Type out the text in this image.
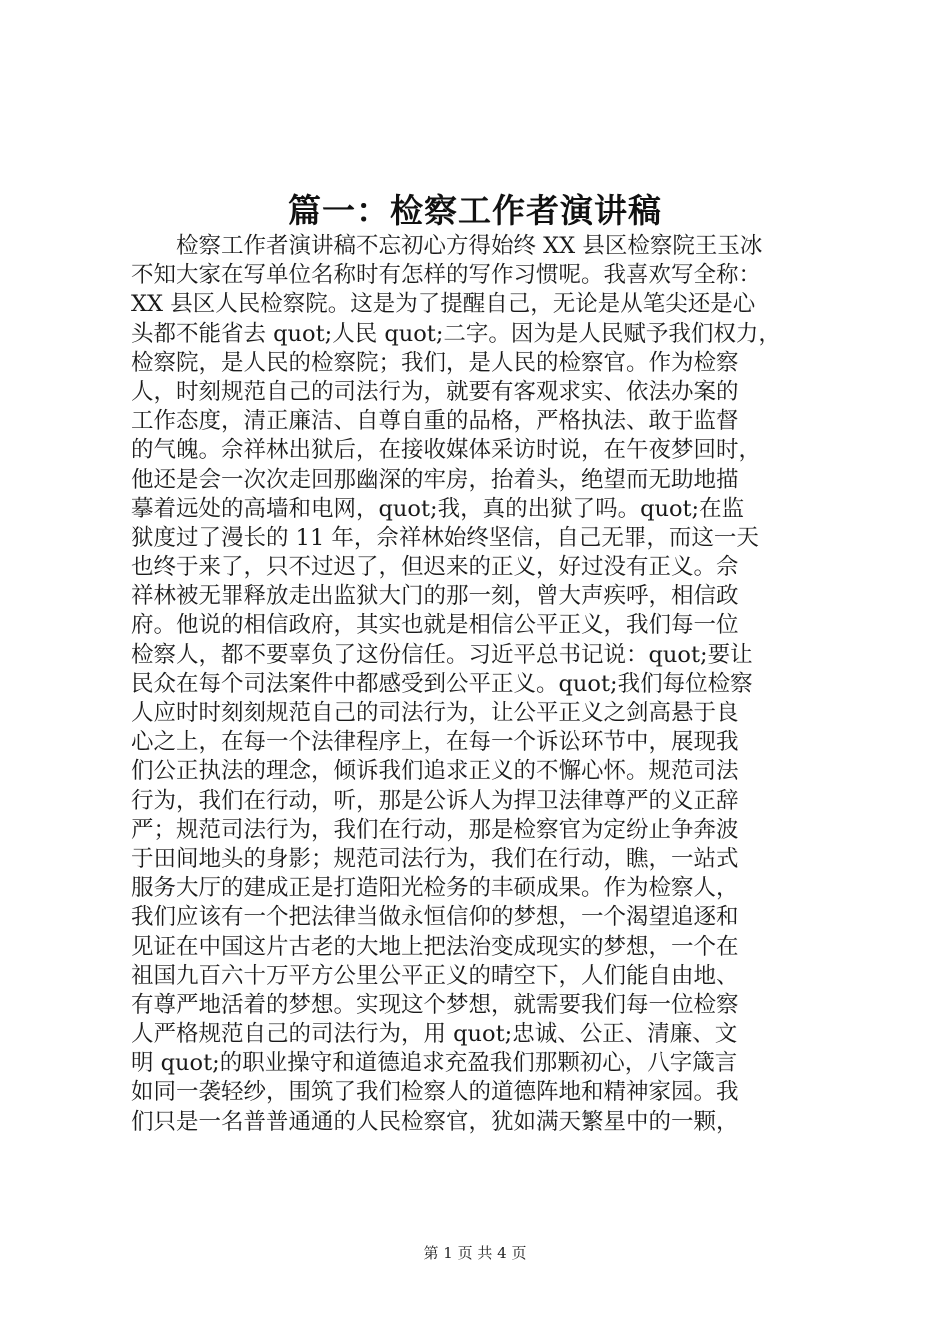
篇一：检察工作者演讲稿
检察工作者演讲稿不忘初心方得始终 XX 县区检察院王玉冰
不知大家在写单位名称时有怎样的写作习惯呢。我喜欢写全称：
XX 县区人民检察院。这是为了提醒自己，无论是从笔尖还是心
头都不能省去 quot;人民 quot;二字。因为是人民赋予我们权力，
检察院，是人民的检察院；我们，是人民的检察官。作为检察
人，时刻规范自己的司法行为，就要有客观求实、依法办案的
工作态度，清正廉洁、自尊自重的品格，严格执法、敢于监督
的气魄。佘祥林出狱后，在接收媒体采访时说，在午夜梦回时，
他还是会一次次走回那幽深的牢房，抬着头，绝望而无助地描
摹着远处的高墙和电网，quot;我，真的出狱了吗。quot;在监
狱度过了漫长的 11 年，佘祥林始终坚信，自己无罪，而这一天
也终于来了，只不过迟了，但迟来的正义，好过没有正义。佘
祥林被无罪释放走出监狱大门的那一刻，曾大声疾呼，相信政
府。他说的相信政府，其实也就是相信公平正义，我们每一位
检察人，都不要辜负了这份信任。习近平总书记说：quot;要让
民众在每个司法案件中都感受到公平正义。quot;我们每位检察
人应时时刻刻规范自己的司法行为，让公平正义之剑高悬于良
心之上，在每一个法律程序上，在每一个诉讼环节中，展现我
们公正执法的理念，倾诉我们追求正义的不懈心怀。规范司法
行为，我们在行动，听，那是公诉人为捍卫法律尊严的义正辞
严；规范司法行为，我们在行动，那是检察官为定纷止争奔波
于田间地头的身影；规范司法行为，我们在行动，瞧，一站式
服务大厅的建成正是打造阳光检务的丰硕成果。作为检察人，
我们应该有一个把法律当做永恒信仰的梦想，一个渴望追逐和
见证在中国这片古老的大地上把法治变成现实的梦想，一个在
祖国九百六十万平方公里公平正义的晴空下，人们能自由地、
有尊严地活着的梦想。实现这个梦想，就需要我们每一位检察
人严格规范自己的司法行为，用 quot;忠诚、公正、清廉、文
明 quot;的职业操守和道德追求充盈我们那颗初心，八字箴言
如同一袭轻纱，围筑了我们检察人的道德阵地和精神家园。我
们只是一名普普通通的人民检察官，犹如满天繁星中的一颗，
第 1 页 共 4 页
